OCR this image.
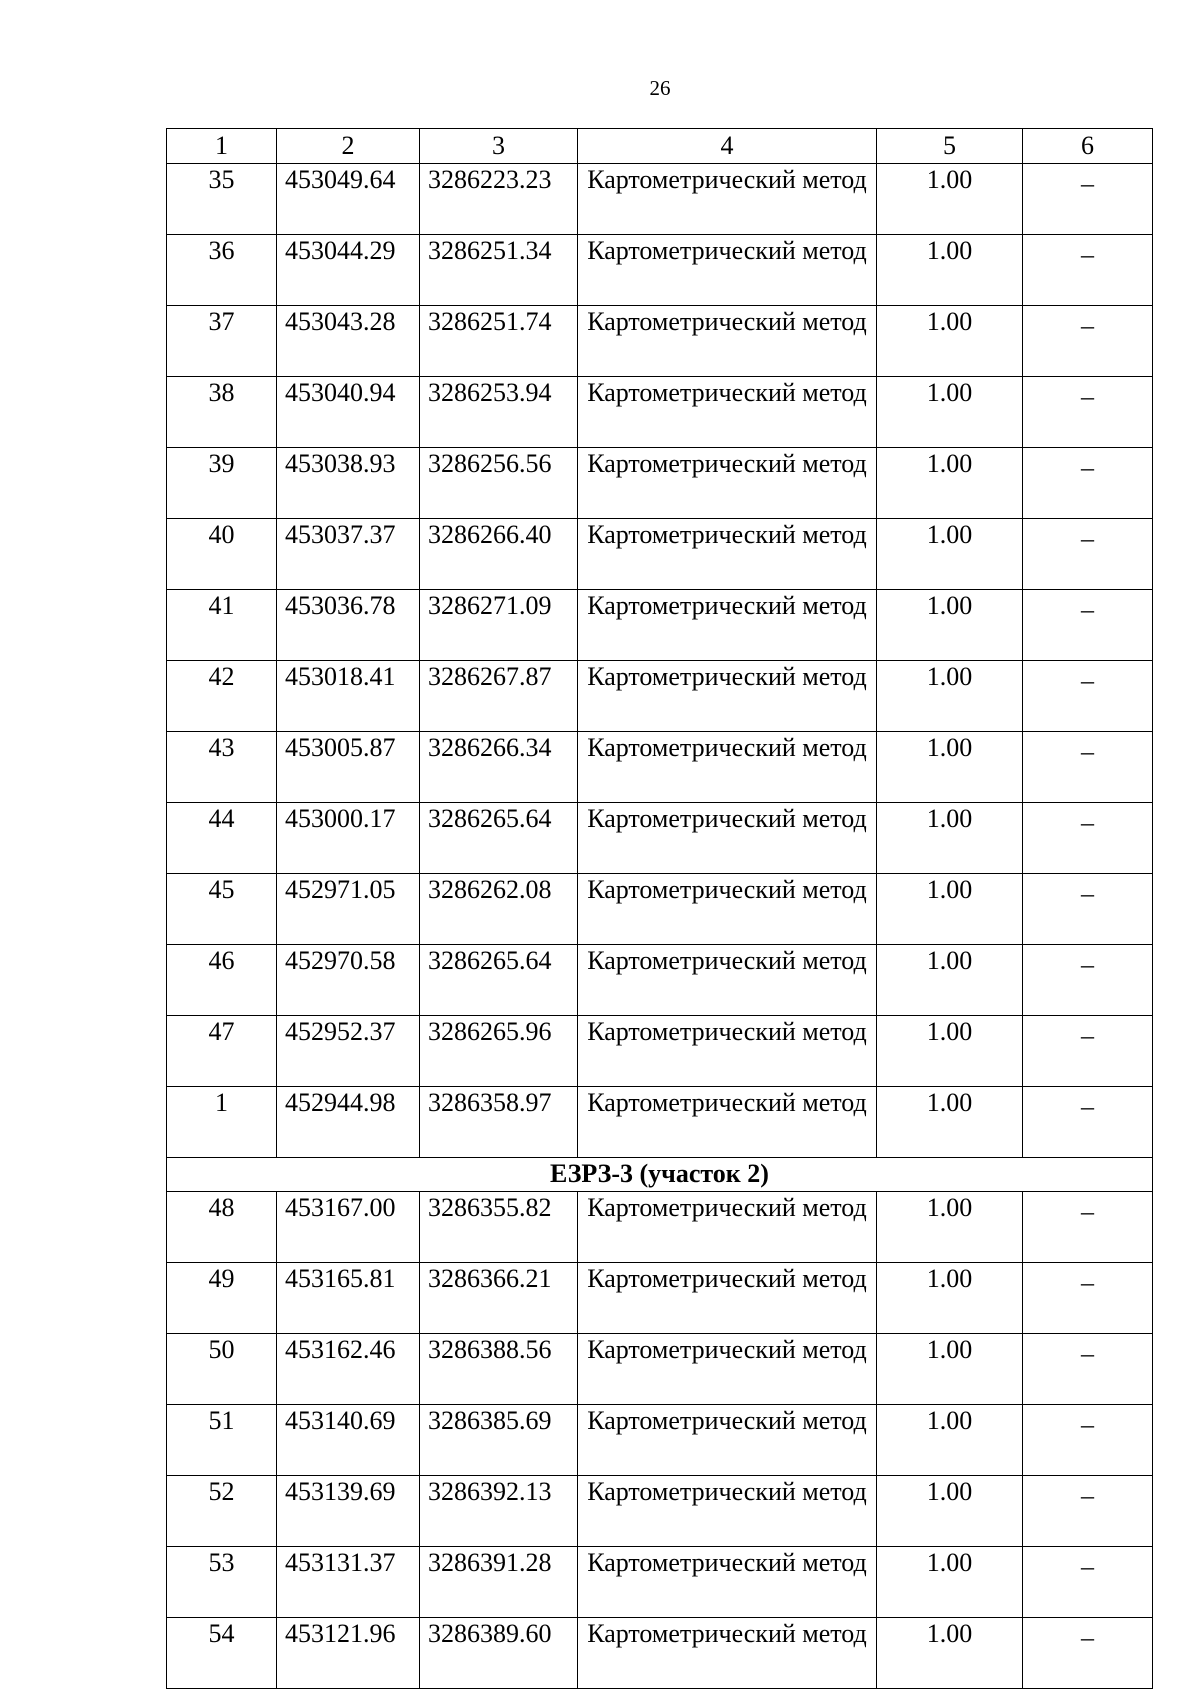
26
1	2	3	4	5	6
35	453049.64	3286223.23	Картометрический метод	1.00	–
36	453044.29	3286251.34	Картометрический метод	1.00	–
37	453043.28	3286251.74	Картометрический метод	1.00	–
38	453040.94	3286253.94	Картометрический метод	1.00	–
39	453038.93	3286256.56	Картометрический метод	1.00	–
40	453037.37	3286266.40	Картометрический метод	1.00	–
41	453036.78	3286271.09	Картометрический метод	1.00	–
42	453018.41	3286267.87	Картометрический метод	1.00	–
43	453005.87	3286266.34	Картометрический метод	1.00	–
44	453000.17	3286265.64	Картометрический метод	1.00	–
45	452971.05	3286262.08	Картометрический метод	1.00	–
46	452970.58	3286265.64	Картометрический метод	1.00	–
47	452952.37	3286265.96	Картометрический метод	1.00	–
1	452944.98	3286358.97	Картометрический метод	1.00	–
ЕЗРЗ-3 (участок 2)					
48	453167.00	3286355.82	Картометрический метод	1.00	–
49	453165.81	3286366.21	Картометрический метод	1.00	–
50	453162.46	3286388.56	Картометрический метод	1.00	–
51	453140.69	3286385.69	Картометрический метод	1.00	–
52	453139.69	3286392.13	Картометрический метод	1.00	–
53	453131.37	3286391.28	Картометрический метод	1.00	–
54	453121.96	3286389.60	Картометрический метод	1.00	–
